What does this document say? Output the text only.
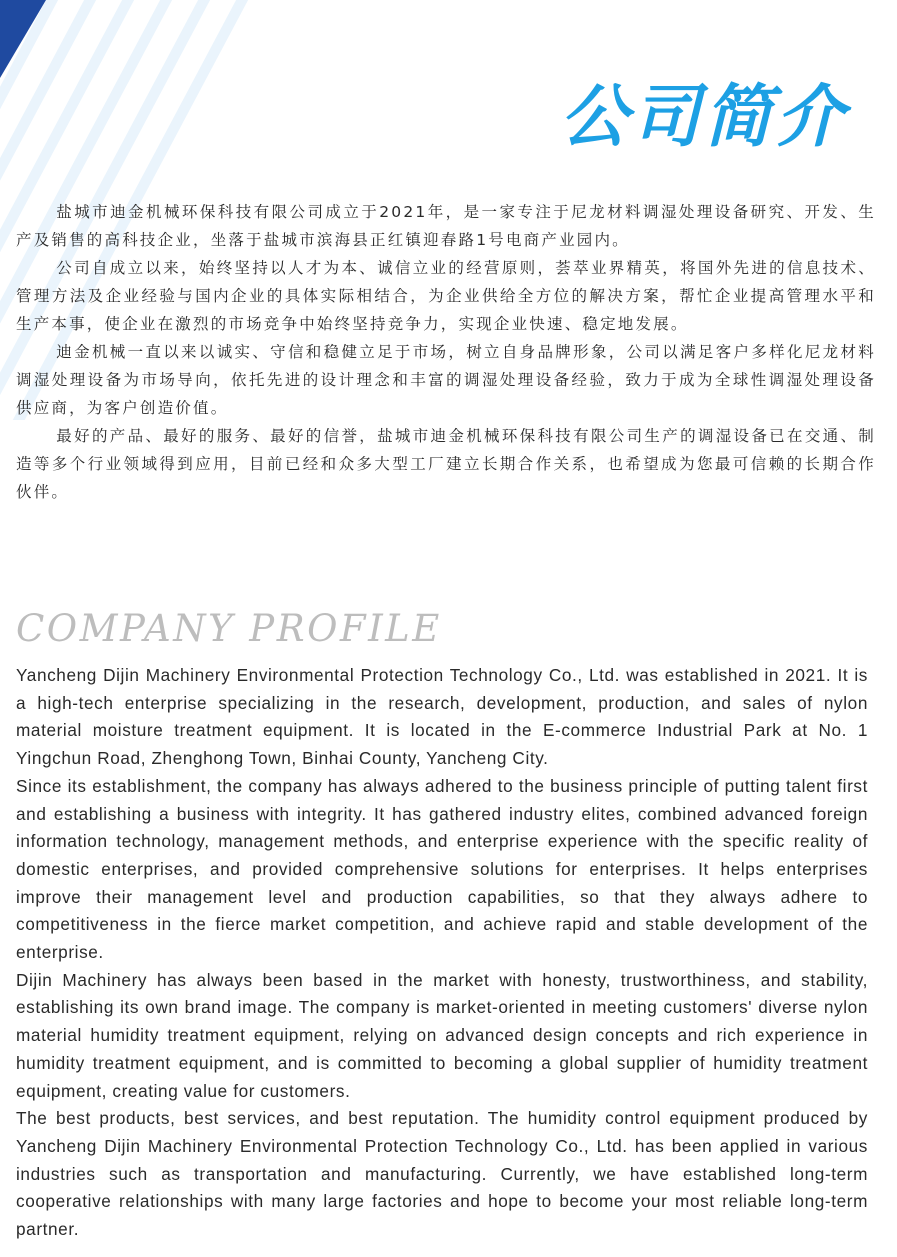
公司简介

盐城市迪金机械环保科技有限公司成立于2021年，是一家专注于尼龙材料调湿处理设备研究、开发、生产及销售的高科技企业，坐落于盐城市滨海县正红镇迎春路1号电商产业园内。

公司自成立以来，始终坚持以人才为本、诚信立业的经营原则，荟萃业界精英，将国外先进的信息技术、管理方法及企业经验与国内企业的具体实际相结合，为企业供给全方位的解决方案，帮忙企业提高管理水平和生产本事，使企业在激烈的市场竞争中始终坚持竞争力，实现企业快速、稳定地发展。

迪金机械一直以来以诚实、守信和稳健立足于市场，树立自身品牌形象，公司以满足客户多样化尼龙材料调湿处理设备为市场导向，依托先进的设计理念和丰富的调湿处理设备经验，致力于成为全球性调湿处理设备供应商，为客户创造价值。

最好的产品、最好的服务、最好的信誉，盐城市迪金机械环保科技有限公司生产的调湿设备已在交通、制造等多个行业领域得到应用，目前已经和众多大型工厂建立长期合作关系，也希望成为您最可信赖的长期合作伙伴。

COMPANY PROFILE

Yancheng Dijin Machinery Environmental Protection Technology Co., Ltd. was established in 2021. It is a high-tech enterprise specializing in the research, development, production, and sales of nylon material moisture treatment equipment. It is located in the E-commerce Industrial Park at No. 1 Yingchun Road, Zhenghong Town, Binhai County, Yancheng City.

Since its establishment, the company has always adhered to the business principle of putting talent first and establishing a business with integrity. It has gathered industry elites, combined advanced foreign information technology, management methods, and enterprise experience with the specific reality of domestic enterprises, and provided comprehensive solutions for enterprises. It helps enterprises improve their management level and production capabilities, so that they always adhere to competitiveness in the fierce market competition, and achieve rapid and stable development of the enterprise.

Dijin Machinery has always been based in the market with honesty, trustworthiness, and stability, establishing its own brand image. The company is market-oriented in meeting customers' diverse nylon material humidity treatment equipment, relying on advanced design concepts and rich experience in humidity treatment equipment, and is committed to becoming a global supplier of humidity treatment equipment, creating value for customers.

The best products, best services, and best reputation. The humidity control equipment produced by Yancheng Dijin Machinery Environmental Protection Technology Co., Ltd. has been applied in various industries such as transportation and manufacturing. Currently, we have established long-term cooperative relationships with many large factories and hope to become your most reliable long-term partner.
